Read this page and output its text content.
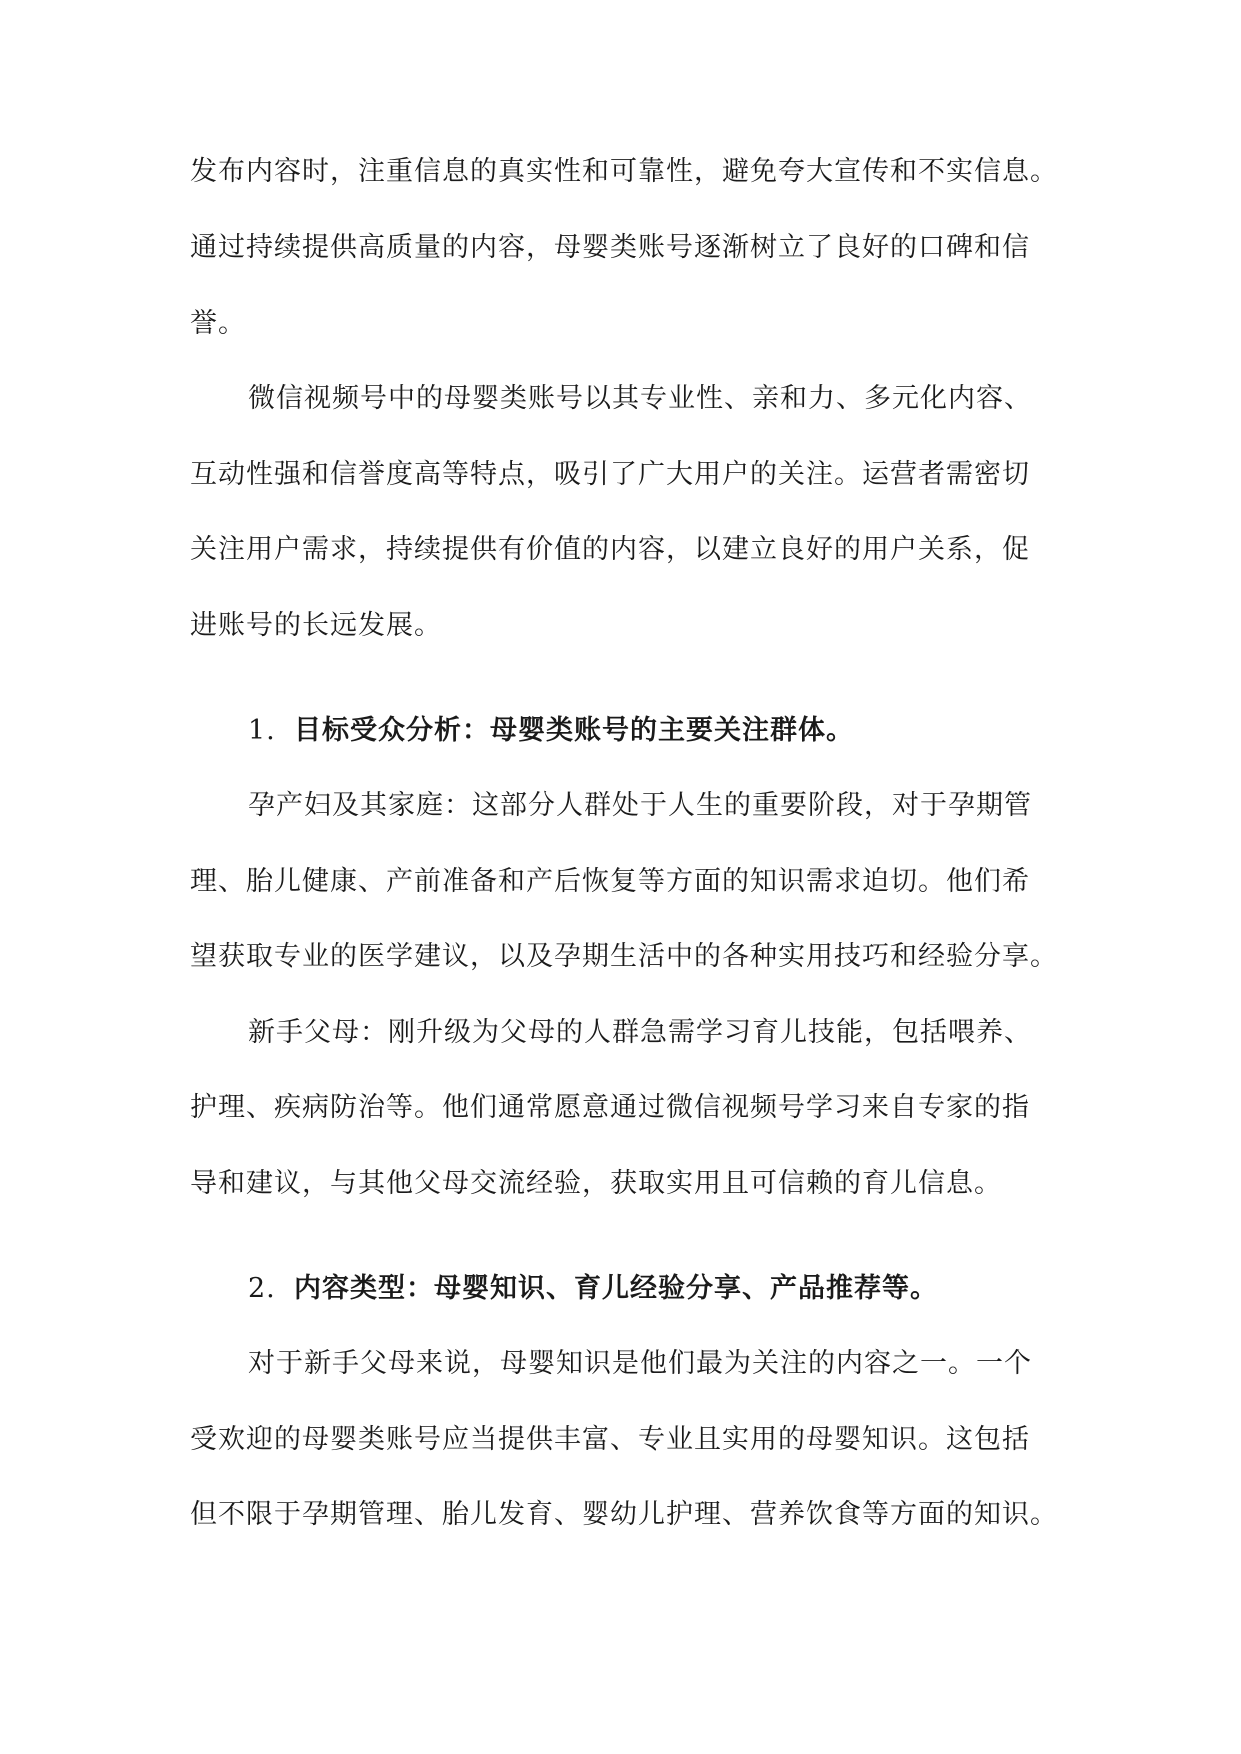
发布内容时，注重信息的真实性和可靠性，避免夸大宣传和不实信息。
通过持续提供高质量的内容，母婴类账号逐渐树立了良好的口碑和信
誉。
微信视频号中的母婴类账号以其专业性、亲和力、多元化内容、
互动性强和信誉度高等特点，吸引了广大用户的关注。运营者需密切
关注用户需求，持续提供有价值的内容，以建立良好的用户关系，促
进账号的长远发展。
1. 目标受众分析：母婴类账号的主要关注群体。
孕产妇及其家庭：这部分人群处于人生的重要阶段，对于孕期管
理、胎儿健康、产前准备和产后恢复等方面的知识需求迫切。他们希
望获取专业的医学建议，以及孕期生活中的各种实用技巧和经验分享。
新手父母：刚升级为父母的人群急需学习育儿技能，包括喂养、
护理、疾病防治等。他们通常愿意通过微信视频号学习来自专家的指
导和建议，与其他父母交流经验，获取实用且可信赖的育儿信息。
2. 内容类型：母婴知识、育儿经验分享、产品推荐等。
对于新手父母来说，母婴知识是他们最为关注的内容之一。一个
受欢迎的母婴类账号应当提供丰富、专业且实用的母婴知识。这包括
但不限于孕期管理、胎儿发育、婴幼儿护理、营养饮食等方面的知识。
